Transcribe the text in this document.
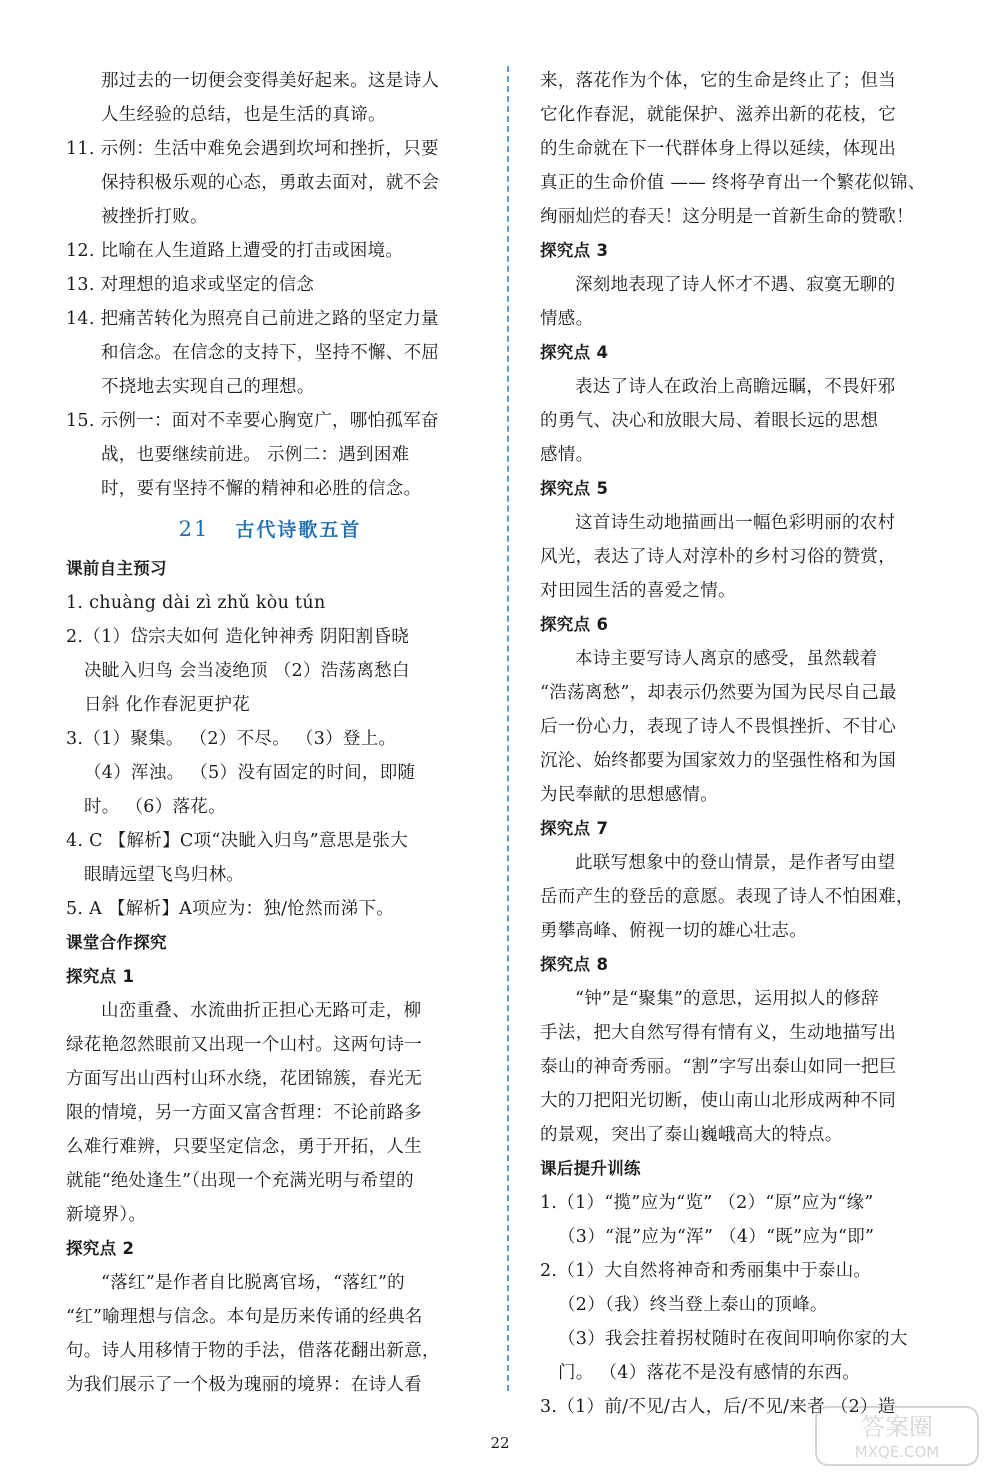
那过去的一切便会变得美好起来。这是诗人
人生经验的总结，也是生活的真谛。
11. 示例：生活中难免会遇到坎坷和挫折，只要
保持积极乐观的心态，勇敢去面对，就不会
被挫折打败。
12. 比喻在人生道路上遭受的打击或困境。
13. 对理想的追求或坚定的信念
14. 把痛苦转化为照亮自己前进之路的坚定力量
和信念。在信念的支持下，坚持不懈、不屈
不挠地去实现自己的理想。
15. 示例一：面对不幸要心胸宽广，哪怕孤军奋
战，也要继续前进。 示例二：遇到困难
时，要有坚持不懈的精神和必胜的信念。
21 古代诗歌五首
课前自主预习
1. chuàng dài zì zhǔ kòu tún
2.（1）岱宗夫如何 造化钟神秀 阴阳割昏晓
决眦入归鸟 会当凌绝顶 （2）浩荡离愁白
日斜 化作春泥更护花
3.（1）聚集。 （2）不尽。 （3）登上。
（4）浑浊。 （5）没有固定的时间，即随
时。 （6）落花。
4. C 【解析】C项“决眦入归鸟”意思是张大
眼睛远望飞鸟归林。
5. A 【解析】A项应为：独/怆然而涕下。
课堂合作探究
探究点 1
山峦重叠、水流曲折正担心无路可走，柳
绿花艳忽然眼前又出现一个山村。这两句诗一
方面写出山西村山环水绕，花团锦簇，春光无
限的情境，另一方面又富含哲理：不论前路多
么难行难辨，只要坚定信念，勇于开拓，人生
就能“绝处逢生”（出现一个充满光明与希望的
新境界）。
探究点 2
“落红”是作者自比脱离官场，“落红”的
“红”喻理想与信念。本句是历来传诵的经典名
句。诗人用移情于物的手法，借落花翻出新意，
为我们展示了一个极为瑰丽的境界：在诗人看
来，落花作为个体，它的生命是终止了；但当
它化作春泥，就能保护、滋养出新的花枝，它
的生命就在下一代群体身上得以延续，体现出
真正的生命价值 —— 终将孕育出一个繁花似锦、
绚丽灿烂的春天！这分明是一首新生命的赞歌！
探究点 3
深刻地表现了诗人怀才不遇、寂寞无聊的
情感。
探究点 4
表达了诗人在政治上高瞻远瞩，不畏奸邪
的勇气、决心和放眼大局、着眼长远的思想
感情。
探究点 5
这首诗生动地描画出一幅色彩明丽的农村
风光，表达了诗人对淳朴的乡村习俗的赞赏，
对田园生活的喜爱之情。
探究点 6
本诗主要写诗人离京的感受，虽然载着
“浩荡离愁”，却表示仍然要为国为民尽自己最
后一份心力，表现了诗人不畏惧挫折、不甘心
沉沦、始终都要为国家效力的坚强性格和为国
为民奉献的思想感情。
探究点 7
此联写想象中的登山情景，是作者写由望
岳而产生的登岳的意愿。表现了诗人不怕困难，
勇攀高峰、俯视一切的雄心壮志。
探究点 8
“钟”是“聚集”的意思，运用拟人的修辞
手法，把大自然写得有情有义，生动地描写出
泰山的神奇秀丽。“割”字写出泰山如同一把巨
大的刀把阳光切断，使山南山北形成两种不同
的景观，突出了泰山巍峨高大的特点。
课后提升训练
1.（1）“揽”应为“览” （2）“原”应为“缘”
（3）“混”应为“浑” （4）“既”应为“即”
2.（1）大自然将神奇和秀丽集中于泰山。
（2）（我）终当登上泰山的顶峰。
（3）我会拄着拐杖随时在夜间叩响你家的大
门。 （4）落花不是没有感情的东西。
3.（1）前/不见/古人，后/不见/来者 （2）造
22
答案圈
MXQE.COM
